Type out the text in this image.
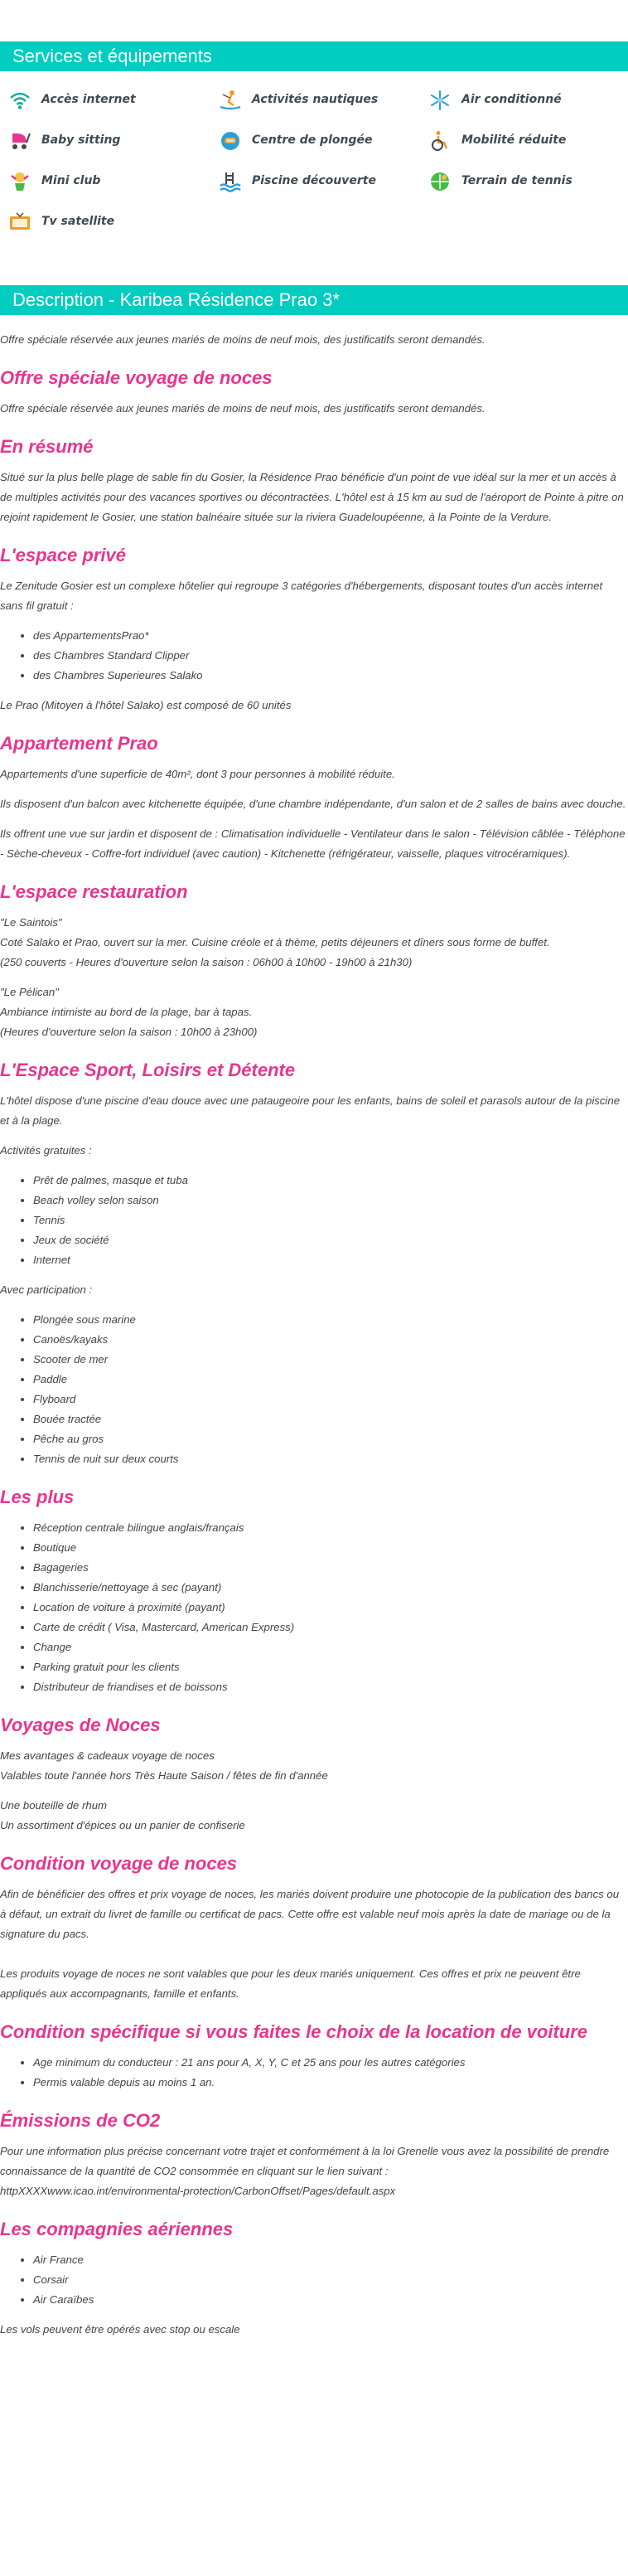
Services et équipements
Accès internet	Activités nautiques	Air conditionné
Baby sitting	Centre de plongée	Mobilité réduite
Mini club	Piscine découverte	Terrain de tennis
Tv satellite
Description - Karibea Résidence Prao 3*

Offre spéciale réservée aux jeunes mariés de moins de neuf mois, des justificatifs seront demandés.

Offre spéciale voyage de noces

Offre spéciale réservée aux jeunes mariés de moins de neuf mois, des justificatifs seront demandés.

En résumé

Situé sur la plus belle plage de sable fin du Gosier, la Résidence Prao bénéficie d'un point de vue idéal sur la mer et un accès à de multiples activités pour des vacances sportives ou décontractées. L'hôtel est à 15 km au sud de l'aéroport de Pointe à pitre on rejoint rapidement le Gosier, une station balnéaire située sur la riviera Guadeloupéenne, à la Pointe de la Verdure.

L'espace privé

Le Zenitude Gosier est un complexe hôtelier qui regroupe 3 catégories d'hébergements, disposant toutes d'un accès internet sans fil gratuit :

• des AppartementsPrao*
• des Chambres Standard Clipper
• des Chambres Superieures Salako

Le Prao (Mitoyen à l'hôtel Salako) est composé de 60 unités

Appartement Prao

Appartements d'une superficie de 40m², dont 3 pour personnes à mobilité réduite.

Ils disposent d'un balcon avec kitchenette équipée, d'une chambre indépendante, d'un salon et de 2 salles de bains avec douche.

Ils offrent une vue sur jardin et disposent de : Climatisation individuelle - Ventilateur dans le salon - Télévision câblée - Téléphone - Sèche-cheveux - Coffre-fort individuel (avec caution) - Kitchenette (réfrigérateur, vaisselle, plaques vitrocéramiques).

L'espace restauration

"Le Saintois"
Coté Salako et Prao, ouvert sur la mer. Cuisine créole et à thème, petits déjeuners et dîners sous forme de buffet.
(250 couverts - Heures d'ouverture selon la saison : 06h00 à 10h00 - 19h00 à 21h30)

"Le Pélican"
Ambiance intimiste au bord de la plage, bar à tapas.
(Heures d'ouverture selon la saison : 10h00 à 23h00)

L'Espace Sport, Loisirs et Détente

L'hôtel dispose d'une piscine d'eau douce avec une pataugeoire pour les enfants, bains de soleil et parasols autour de la piscine et à la plage.

Activités gratuites :

• Prêt de palmes, masque et tuba
• Beach volley selon saison
• Tennis
• Jeux de société
• Internet

Avec participation :

• Plongée sous marine
• Canoës/kayaks
• Scooter de mer
• Paddle
• Flyboard
• Bouée tractée
• Pêche au gros
• Tennis de nuit sur deux courts
Les plus
• Réception centrale bilingue anglais/français
• Boutique
• Bagageries
• Blanchisserie/nettoyage à sec (payant)
• Location de voiture à proximité (payant)
• Carte de crédit ( Visa, Mastercard, American Express)
• Change
• Parking gratuit pour les clients
• Distributeur de friandises et de boissons
Voyages de Noces

Mes avantages & cadeaux voyage de noces
Valables toute l'année hors Très Haute Saison / fêtes de fin d'année

Une bouteille de rhum
Un assortiment d'épices ou un panier de confiserie

Condition voyage de noces

Afin de bénéficier des offres et prix voyage de noces, les mariés doivent produire une photocopie de la publication des bancs ou à défaut, un extrait du livret de famille ou certificat de pacs. Cette offre est valable neuf mois après la date de mariage ou de la signature du pacs.

Les produits voyage de noces ne sont valables que pour les deux mariés uniquement. Ces offres et prix ne peuvent être appliqués aux accompagnants, famille et enfants.

Condition spécifique si vous faites le choix de la location de voiture
• Age minimum du conducteur : 21 ans pour A, X, Y, C et 25 ans pour les autres catégories
• Permis valable depuis au moins 1 an.
Émissions de CO2

Pour une information plus précise concernant votre trajet et conformément à la loi Grenelle vous avez la possibilité de prendre connaissance de la quantité de CO2 consommée en cliquant sur le lien suivant :
httpXXXXwww.icao.int/environmental-protection/CarbonOffset/Pages/default.aspx

Les compagnies aériennes
• Air France
• Corsair
• Air Caraïbes

Les vols peuvent être opérés avec stop ou escale
